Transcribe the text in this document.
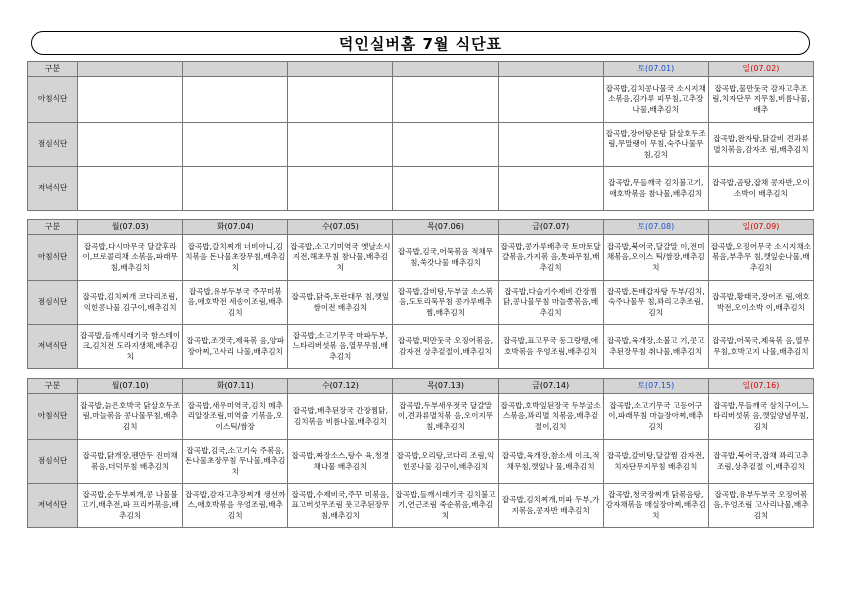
덕인실버홈 7월 식단표
구분						토(07.01)	일(07.02)
아침식단						잡곡밥,김치콩나물국 소시지채소볶음,김가루 피무침,고추장나물,배추김치	잡곡밥,물만둣국 감자고추조림,치자단무 지무침,비름나물,배추
점심식단						잡곡밥,장어탕온탕 닭살호두조림,무말랭이 무침,숙주나물무침,김치	잡곡밥,완자탕,닭갈비 견과류멸치볶음,감자조 림,배추김치
저녁식단						잡곡밥,무들깨국 김치불고기,애호박볶음 참나물,배추김치	잡곡밥,곰탕,잡채 콩자반,오이소박이 배추김치
구분	월(07.03)	화(07.04)	수(07.05)	목(07.06)	금(07.07)	토(07.08)	일(07.09)
아침식단	잡곡밥,다시마무국 달걀후라이,브로콜리채 소볶음,파래무침,배추김치	잡곡밥,갈치찌개 너비아니,김치볶음 돈나물초장무침,배추김치	잡곡밥,소고기미역국 옛날소시지전,해초무침 참나물,배추김치	잡곡밥,김국,어묵볶음 적채무침,쑥갓나물 배추김치	잡곡밥,콩가루배추국 토마토달걀볶음,가지볶 음,톳파무침,배추김치	잡곡밥,북어국,달걀말 이,전미채볶음,오이스 틱/쌈장,배추김치	잡곡밥,오징어무국 소시지채소볶음,부추무 침,깻잎순나물,배추김치
점심식단	잡곡밥,김치찌개 코다리조림,익힌콩나물 김구이,배추김치	잡곡밥,유부두부국 주꾸미볶음,애호박전 세송이조림,배추김치	잡곡밥,닭죽,토란대무 침,깻잎쌈이전 배추김치	잡곡밥,갈비탕,두부굴 소스볶음,도토리묵무침 콩가루배추찜,배추김치	잡곡밥,다슬기수제비 간장찜닭,콩나물무침 마늘쫑볶음,배추김치	잡곡밥,돈배갑자탕 두부/김치,숙주나물무 침,꽈리고추조림,김치	잡곡밥,황태국,장어조 림,애호박전,오이소박 이,배추김치
저녁식단	잡곡밥,들깨시래기국 함스테이크,김치전 도라지생채,배추김치	잡곡밥,조갯국,제육볶 음,양파장아찌,고사리 나물,배추김치	잡곡밥,소고기무국 마파두부,느타리버섯볶 음,열무무침,배추김치	잡곡밥,떡만둣국 오징어볶음,감자전 상추겉절이,배추김치	잡곡밥,표고무국 동그랑땡,애호박볶음 우엉조림,배추김치	잡곡밥,육개장,소불고 기,콧고추된장무침 취나물,배추김치	잡곡밥,어묵국,제육볶 음,열무무침,호박고지 나물,배추김치
구분	월(07.10)	화(07.11)	수(07.12)	목(07.13)	금(07.14)	토(07.15)	일(07.16)
아침식단	잡곡밥,늙은호박국 닭살호두조림,마늘볶음 콩나물무침,배추김치	잡곡밥,새우미역국,김치 메추리알장조림,미역줄 기볶음,오이스틱/쌈장	잡곡밥,배추된장국 간장찜닭,김치볶음 비름나물,배추김치	잡곡밥,두부새우젓국 달걀말이,견과류멸치볶 음,오이지무침,배추김치	잡곡밥,호박잎된장국 두부굴소스볶음,꽈리멸 치볶음,배추겉절이,김치	잡곡밥,소고기무국 고등어구이,파래무침 마늘장아찌,배추김치	잡곡밥,무들깨국 삼치구이,느타리버섯볶 음,깻잎양념무침,김치
점심식단	잡곡밥,닭개장,펜만두 진미채볶음,더덕무침 배추김치	잡곡밥,김국,소고기숙 주볶음,돈나물초장무침 무나물,배추김치	잡곡밥,짜장소스,탕수 육,청경채나물 배추김치	잡곡밥,오리탕,코다리 조림,익힌콩나물 김구이,배추김치	잡곡밥,육개장,참소세 이크,적채무침,깻잎나 물,배추김치	잡곡밥,갈비탕,달걀찜 감자전,치자단무지무침 배추김치	잡곡밥,북어국,잡채 꽈리고추조림,상추겉절 이,배추김치
저녁식단	잡곡밥,순두부찌개,콩 나물불고기,배추전,파 프리카볶음,배추김치	잡곡밥,감자고추장찌개 생선까스,애호박볶음 우엉조림,배추김치	잡곡밥,수제비국,주꾸 미볶음,표고버섯무조림 풋고추된장무침,배추김치	잡곡밥,들깨시래기국 김치불고기,연근조림 죽순볶음,배추김치	잡곡밥,김치찌개,미파 두부,가지볶음,콩자반 배추김치	잡곡밥,청국장찌개 닭볶음탕,감자채볶음 매실장아찌,배추김치	잡곡밥,유부두부국 오징어볶음,우엉조림 고사리나물,배추김치
